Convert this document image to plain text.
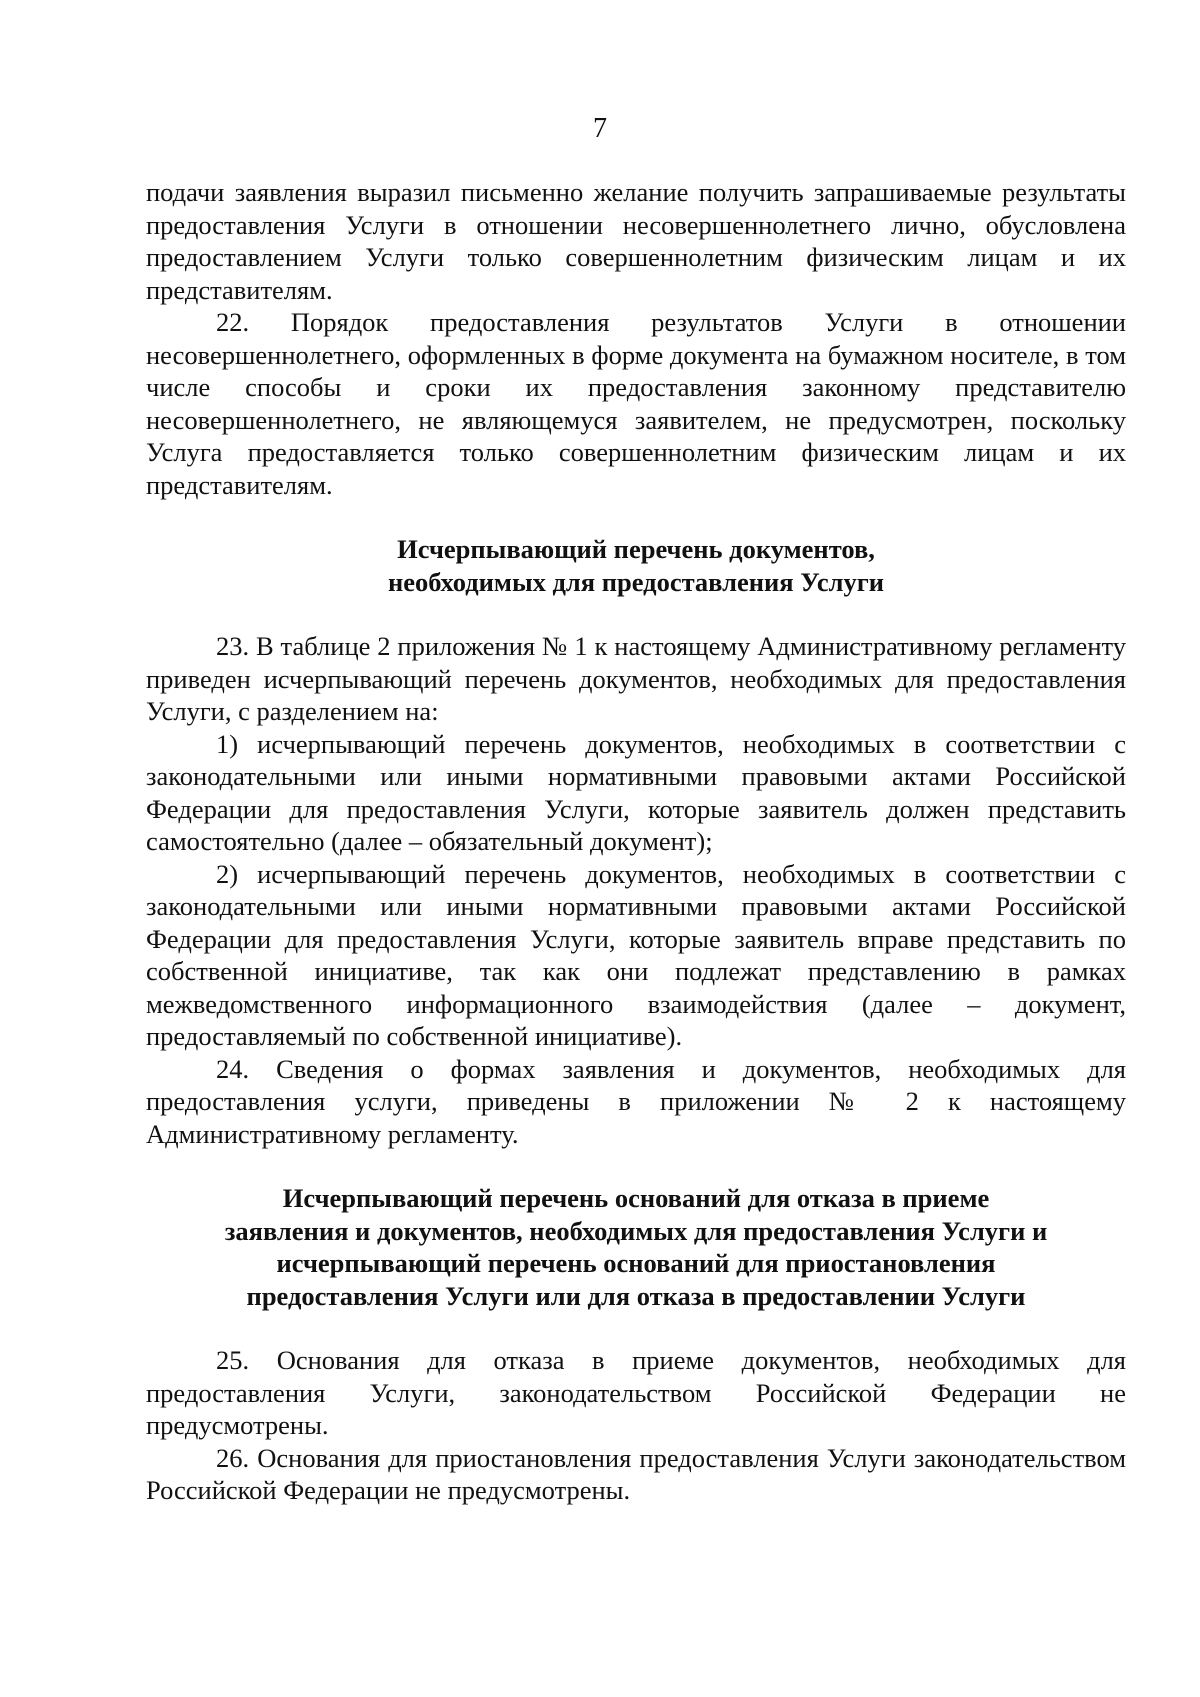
7

подачи заявления выразил письменно желание получить запрашиваемые результаты предоставления Услуги в отношении несовершеннолетнего лично, обусловлена предоставлением Услуги только совершеннолетним физическим лицам и их представителям.

22. Порядок предоставления результатов Услуги в отношении несовершеннолетнего, оформленных в форме документа на бумажном носителе, в том числе способы и сроки их предоставления законному представителю несовершеннолетнего, не являющемуся заявителем, не предусмотрен, поскольку Услуга предоставляется только совершеннолетним физическим лицам и их представителям.

Исчерпывающий перечень документов,

необходимых для предоставления Услуги

23. В таблице 2 приложения № 1 к настоящему Административному регламенту приведен исчерпывающий перечень документов, необходимых для предоставления Услуги, с разделением на:

1) исчерпывающий перечень документов, необходимых в соответствии с законодательными или иными нормативными правовыми актами Российской Федерации для предоставления Услуги, которые заявитель должен представить самостоятельно (далее – обязательный документ);

2) исчерпывающий перечень документов, необходимых в соответствии с законодательными или иными нормативными правовыми актами Российской Федерации для предоставления Услуги, которые заявитель вправе представить по собственной инициативе, так как они подлежат представлению в рамках межведомственного информационного взаимодействия (далее – документ, предоставляемый по собственной инициативе).

24. Сведения о формах заявления и документов, необходимых для предоставления услуги, приведены в приложении № 2 к настоящему Административному регламенту.

Исчерпывающий перечень оснований для отказа в приеме

заявления и документов, необходимых для предоставления Услуги и

исчерпывающий перечень оснований для приостановления

предоставления Услуги или для отказа в предоставлении Услуги

25. Основания для отказа в приеме документов, необходимых для предоставления Услуги, законодательством Российской Федерации не предусмотрены.

26. Основания для приостановления предоставления Услуги законодательством Российской Федерации не предусмотрены.
